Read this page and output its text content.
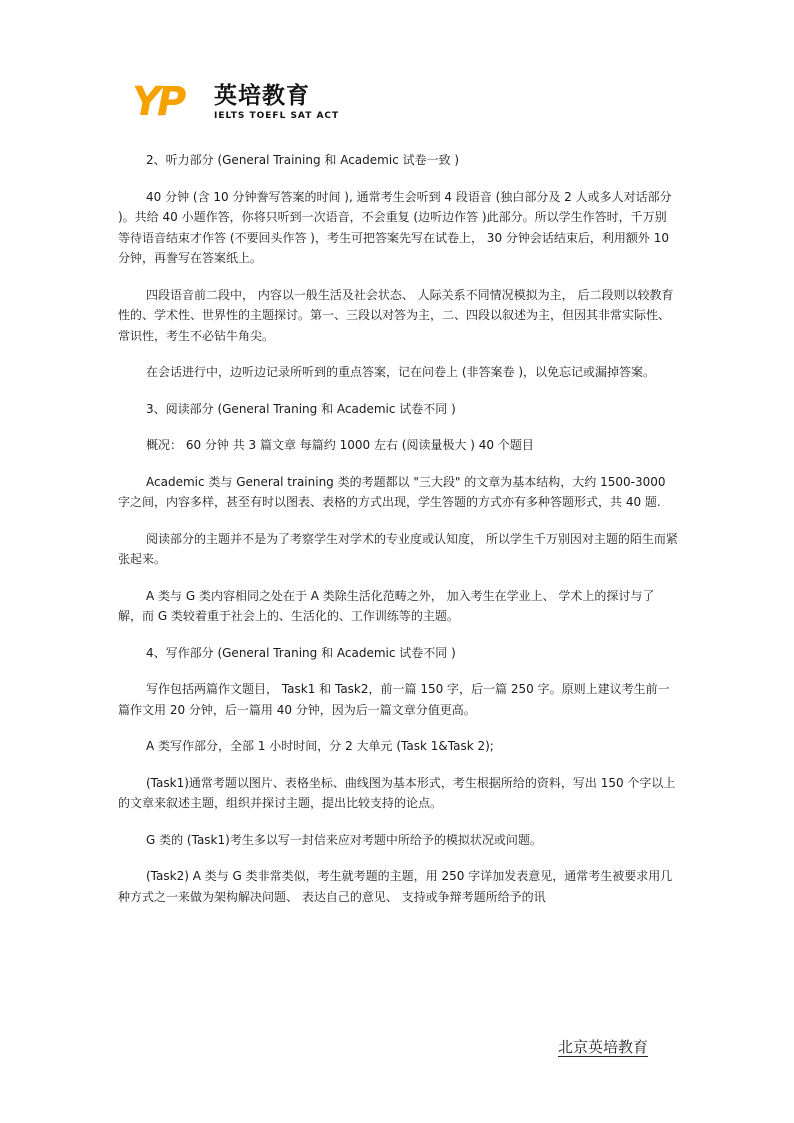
YP 英培教育
IELTS TOEFL SAT ACT

2、听力部分 (General Training 和 Academic 试卷一致 )

40 分钟 (含 10 分钟誊写答案的时间 ), 通常考生会听到 4 段语音 (独白部分及 2 人或多人对话部分 )。共给 40 小题作答，你将只听到一次语音，不会重复 (边听边作答 )此部分。所以学生作答时，千万别等待语音结束才作答 (不要回头作答 )，考生可把答案先写在试卷上， 30 分钟会话结束后，利用额外 10 分钟，再誊写在答案纸上。

四段语音前二段中， 内容以一般生活及社会状态、 人际关系不同情况模拟为主， 后二段则以较教育性的、学术性、世界性的主题探讨。第一、三段以对答为主，二、四段以叙述为主，但因其非常实际性、常识性，考生不必钻牛角尖。

在会话进行中，边听边记录所听到的重点答案，记在问卷上 (非答案卷 )，以免忘记或漏掉答案。

3、阅读部分 (General Traning 和 Academic 试卷不同 )

概况： 60 分钟 共 3 篇文章 每篇约 1000 左右 (阅读量极大 ) 40 个题目

Academic 类与 General training 类的考题都以 "三大段" 的文章为基本结构，大约 1500-3000 字之间，内容多样，甚至有时以图表、表格的方式出现，学生答题的方式亦有多种答题形式，共 40 题.

阅读部分的主题并不是为了考察学生对学术的专业度或认知度， 所以学生千万别因对主题的陌生而紧张起来。

A 类与 G 类内容相同之处在于 A 类除生活化范畴之外， 加入考生在学业上、 学术上的探讨与了解，而 G 类较着重于社会上的、生活化的、工作训练等的主题。

4、写作部分 (General Traning 和 Academic 试卷不同 )

写作包括两篇作文题目， Task1 和 Task2，前一篇 150 字，后一篇 250 字。原则上建议考生前一篇作文用 20 分钟，后一篇用 40 分钟，因为后一篇文章分值更高。

A 类写作部分，全部 1 小时时间，分 2 大单元 (Task 1&Task 2);

(Task1)通常考题以图片、表格坐标、曲线图为基本形式，考生根据所给的资料，写出 150 个字以上的文章来叙述主题，组织并探讨主题，提出比较支持的论点。

G 类的 (Task1)考生多以写一封信来应对考题中所给予的模拟状况或问题。

(Task2) A 类与 G 类非常类似，考生就考题的主题，用 250 字详加发表意见，通常考生被要求用几种方式之一来做为架构解决问题、 表达自己的意见、 支持或争辩考题所给予的讯

北京英培教育
